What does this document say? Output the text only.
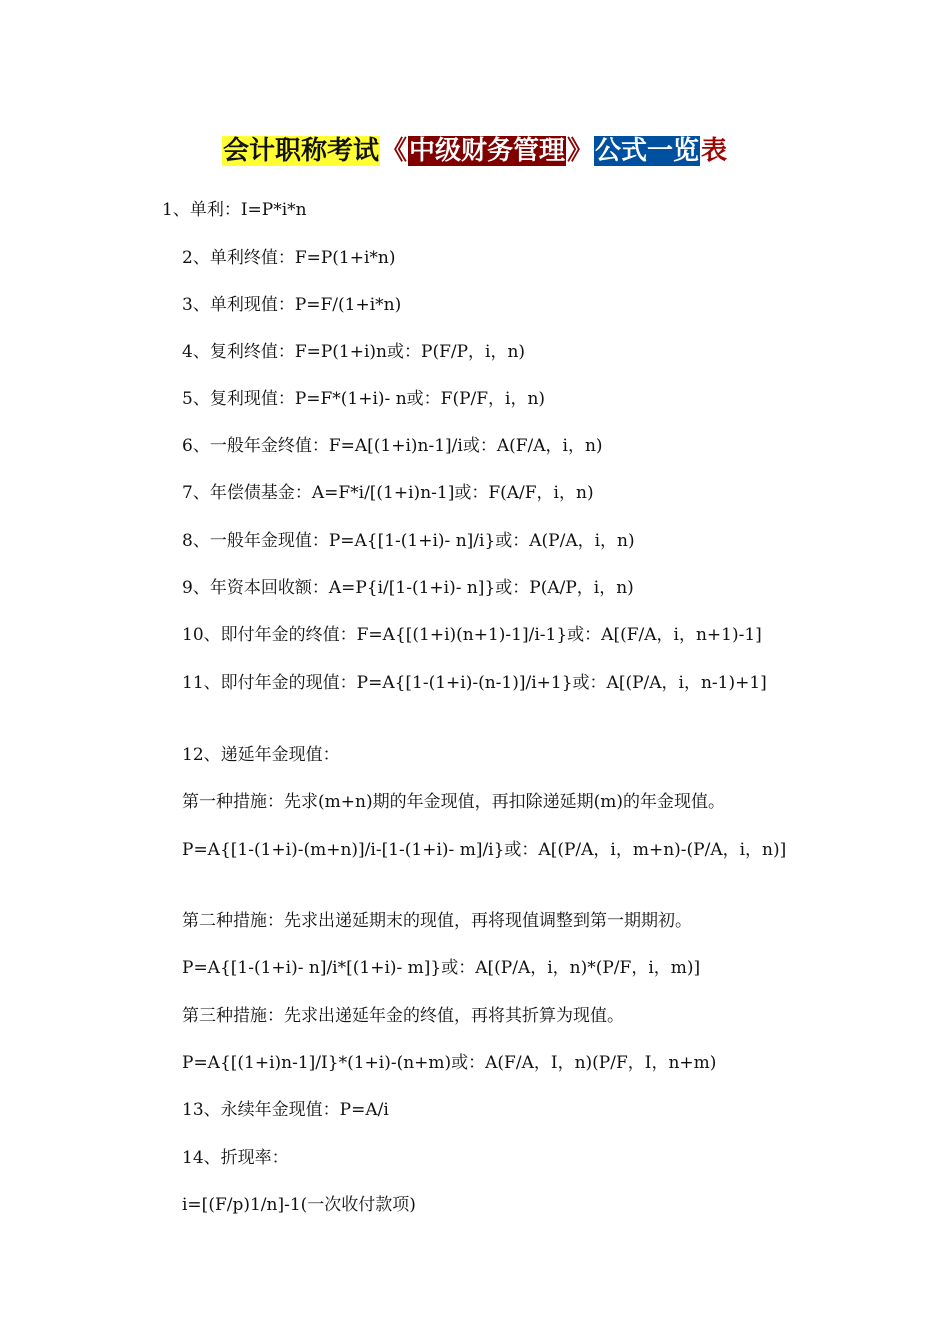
会计职称考试《中级财务管理》公式一览表
1、单利：I=P*i*n
2、单利终值：F=P(1+i*n)
3、单利现值：P=F/(1+i*n)
4、复利终值：F=P(1+i)n或：P(F/P，i，n)
5、复利现值：P=F*(1+i)- n或：F(P/F，i，n)
6、一般年金终值：F=A[(1+i)n-1]/i或：A(F/A，i，n)
7、年偿债基金：A=F*i/[(1+i)n-1]或：F(A/F，i，n)
8、一般年金现值：P=A{[1-(1+i)- n]/i}或：A(P/A，i，n)
9、年资本回收额：A=P{i/[1-(1+i)- n]}或：P(A/P，i，n)
10、即付年金的终值：F=A{[(1+i)(n+1)-1]/i-1}或：A[(F/A，i，n+1)-1]
11、即付年金的现值：P=A{[1-(1+i)-(n-1)]/i+1}或：A[(P/A，i，n-1)+1]
12、递延年金现值：
第一种措施：先求(m+n)期的年金现值，再扣除递延期(m)的年金现值。
P=A{[1-(1+i)-(m+n)]/i-[1-(1+i)- m]/i}或：A[(P/A，i，m+n)-(P/A，i，n)]
第二种措施：先求出递延期末的现值，再将现值调整到第一期期初。
P=A{[1-(1+i)- n]/i*[(1+i)- m]}或：A[(P/A，i，n)*(P/F，i，m)]
第三种措施：先求出递延年金的终值，再将其折算为现值。
P=A{[(1+i)n-1]/I}*(1+i)-(n+m)或：A(F/A，I，n)(P/F，I，n+m)
13、永续年金现值：P=A/i
14、折现率：
i=[(F/p)1/n]-1(一次收付款项)
